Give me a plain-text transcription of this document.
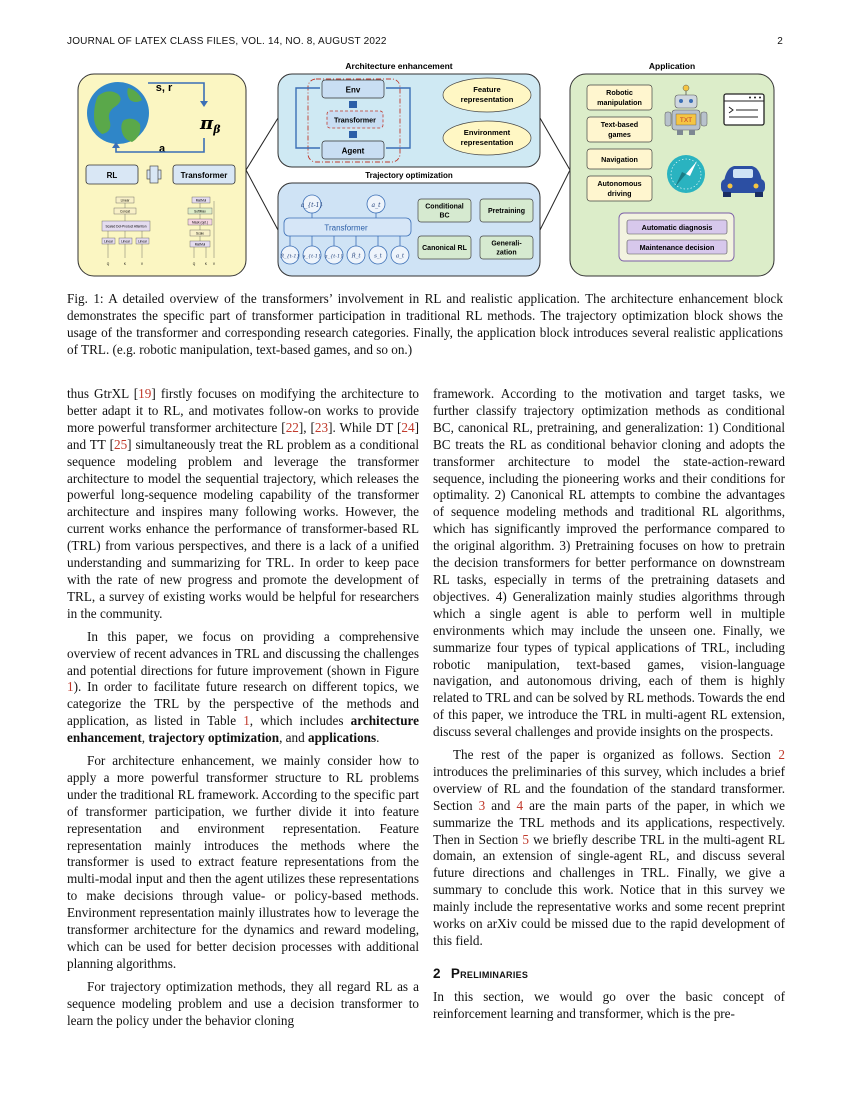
JOURNAL OF LATEX CLASS FILES, VOL. 14, NO. 8, AUGUST 2022	2
Architecture enhancement	Application
s, r
a
$\pi_\beta$
RL	Transformer
Linear
Concat
Scaled Dot-Product Attention
Linear	Linear	Linear
Q	K	V
MatMul
SoftMax
Mask (opt.)
Scale
MatMul
Q	K V
Env
Transformer
Agent
Feature
representation
Environment
representation
Trajectory optimization
Transformer
a_{t-1}	a_t
R̂_{t-1} s_{t-1} a_{t-1} R̂_t s_t	a_t
Conditional
BC
Pretraining
Canonical RL
Generali-
zation
Robotic
manipulation
Text-based
games
Navigation
Autonomous
driving
TXT
Automatic diagnosis
Maintenance decision
Fig. 1: A detailed overview of the transformers’ involvement in RL and realistic application. The architecture enhancement block demonstrates the specific part of transformer participation in traditional RL methods. The trajectory optimization block shows the usage of the transformer and corresponding research categories. Finally, the application block introduces several realistic applications of TRL. (e.g. robotic manipulation, text-based games, and so on.)

thus GtrXL [19] firstly focuses on modifying the architecture to better adapt it to RL, and motivates follow-on works to provide more powerful transformer architecture [22], [23]. While DT [24] and TT [25] simultaneously treat the RL problem as a conditional sequence modeling problem and leverage the transformer architecture to model the sequential trajectory, which releases the powerful long-sequence modeling capability of the transformer architecture and inspires many following works. However, the current works enhance the performance of transformer-based RL (TRL) from various perspectives, and there is a lack of a unified understanding and summarizing for TRL. In order to keep pace with the rate of new progress and promote the development of TRL, a survey of existing works would be helpful for researchers in the community.

In this paper, we focus on providing a comprehensive overview of recent advances in TRL and discussing the challenges and potential directions for future improvement (shown in Figure 1). In order to facilitate future research on different topics, we categorize the TRL by the perspective of the methods and application, as listed in Table 1, which includes architecture enhancement, trajectory optimization, and applications.

For architecture enhancement, we mainly consider how to apply a more powerful transformer structure to RL problems under the traditional RL framework. According to the specific part of transformer participation, we further divide it into feature representation and environment representation. Feature representation mainly introduces the methods where the transformer is used to extract feature representations from the multi-modal input and then the agent utilizes these representations to make decisions through value- or policy-based methods. Environment representation mainly illustrates how to leverage the transformer architecture for the dynamics and reward modeling, which can be used for better decision processes with additional planning algorithms.

For trajectory optimization methods, they all regard RL as a sequence modeling problem and use a decision transformer to learn the policy under the behavior cloning

framework. According to the motivation and target tasks, we further classify trajectory optimization methods as conditional BC, canonical RL, pretraining, and generalization: 1) Conditional BC treats the RL as conditional behavior cloning and adopts the transformer architecture to model the state-action-reward sequence, including the pioneering works and their conditions for optimality. 2) Canonical RL attempts to combine the advantages of sequence modeling methods and traditional RL algorithms, which has significantly improved the performance compared to the original algorithm. 3) Pretraining focuses on how to pretrain the decision transformers for better performance on downstream RL tasks, especially in terms of the pretraining datasets and objectives. 4) Generalization mainly studies algorithms through which a single agent is able to perform well in multiple environments which may include the unseen one. Finally, we summarize four types of typical applications of TRL, including robotic manipulation, text-based games, vision-language navigation, and autonomous driving, each of them is highly related to TRL and can be solved by RL methods. Towards the end of this paper, we introduce the TRL in multi-agent RL extension, discuss several challenges and provide insights on the prospects.

The rest of the paper is organized as follows. Section 2 introduces the preliminaries of this survey, which includes a brief overview of RL and the foundation of the standard transformer. Section 3 and 4 are the main parts of the paper, in which we summarize the TRL methods and its applications, respectively. Then in Section 5 we briefly describe TRL in the multi-agent RL domain, an extension of single-agent RL, and discuss several future directions and challenges in TRL. Finally, we give a summary to conclude this work. Notice that in this survey we mainly include the representative works and some recent preprint works on arXiv could be missed due to the rapid development of this field.

2 Preliminaries

In this section, we would go over the basic concept of reinforcement learning and transformer, which is the pre-
